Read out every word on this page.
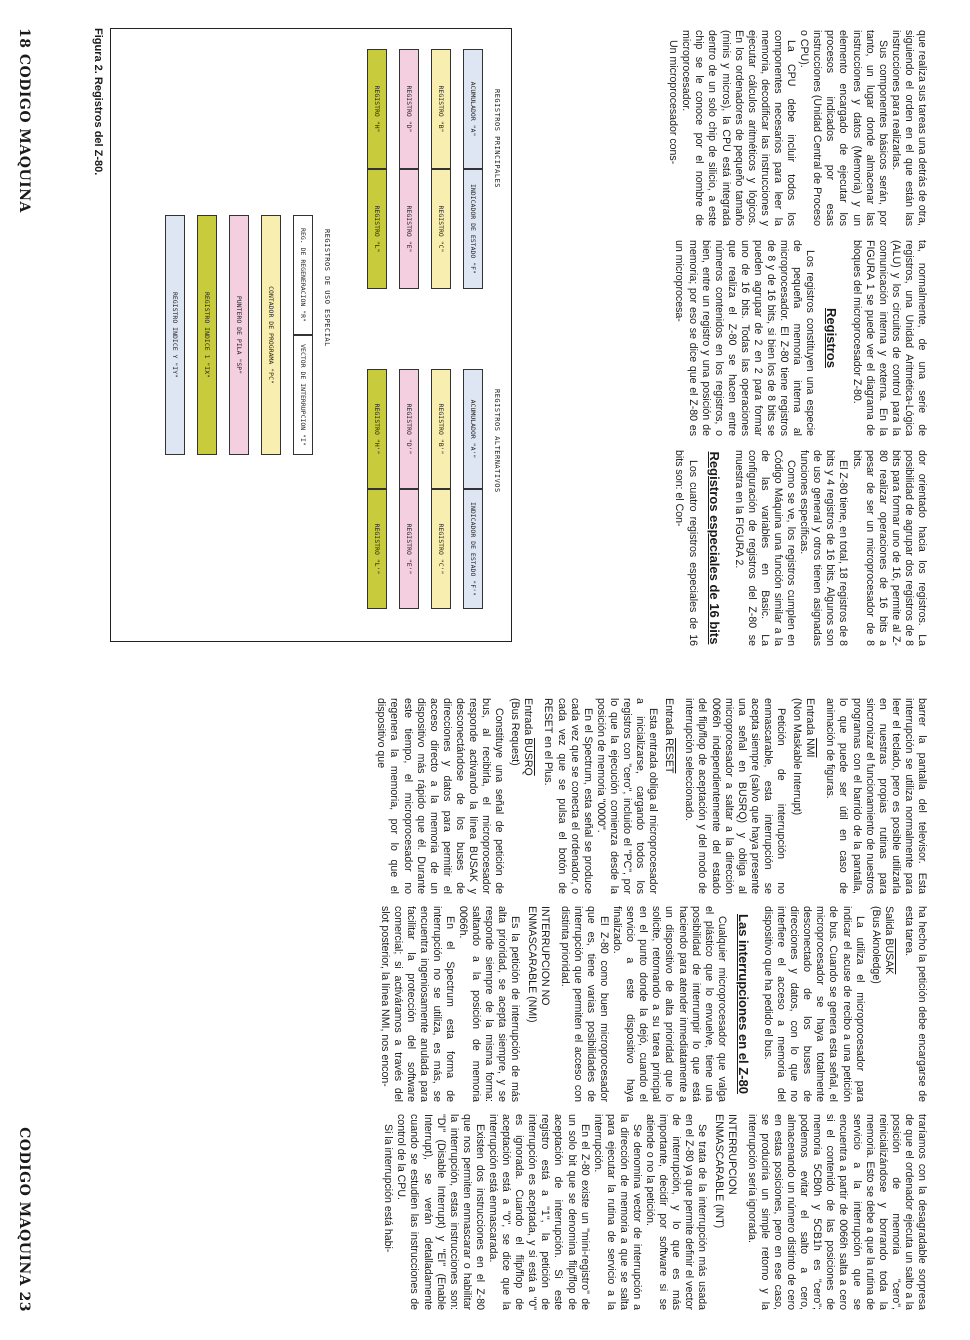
que realiza sus tareas una detrás de otra, siguiendo el orden en el que están las instrucciones para realizarlas.

Sus componentes básicos serán, por tanto, un lugar donde almacenar las instrucciones y datos (Memoria) y un elemento encargado de ejecutar los procesos indicados por esas instrucciones (Unidad Central de Proceso o CPU).

La CPU debe incluir todos los componentes necesarios para leer la memoria, decodificar las instrucciones y ejecutar cálculos aritméticos y lógicos. En los ordenadores de pequeño tamaño (minis y micros), la CPU está integrada dentro de un solo chip de silicio, a este chip se le conoce por el nombre de microprocesador.

Un microprocesador cons-

ta, normalmente, de una serie de registros, una Unidad Aritmética-Lógica (ALU) y los circuitos de control para la comunicación interna y externa. En la FIGURA 1 se puede ver el diagrama de bloques del microprocesador Z-80.

Registros

Los registros constituyen una especie de pequeña memoria interna al microprocesador. El Z-80 tiene registros de 8 y de 16 bits, si bien los de 8 bits se pueden agrupar de 2 en 2 para formar uno de 16 bits. Todas las operaciones que realiza el Z-80 se hacen entre números contenidos en los registros, o bien, entre un registro y una posición de memoria; por eso se dice que el Z-80 es un microprocesa-

dor orientado hacia los registros. La posibilidad de agrupar dos registros de 8 bits para formar uno de 16, permite al Z-80 realizar operaciones de 16 bits a pesar de ser un microprocesador de 8 bits.

El Z-80 tiene, en total, 18 registros de 8 bits y 4 registros de 16 bits. Algunos son de uso general y otros tienen asignadas funciones específicas.

Como se ve, los registros cumplen en Código Máquina una función similar a la de las variables en Basic. La configuración de registros del Z-80 se muestra en la FIGURA 2.

Registros especiales de 16 bits

Los cuatro registros especiales de 16 bits son: el Con-

REGISTROS PRINCIPALES
REGISTROS ALTERNATIVOS
ACUMULADOR "A"
INDICADOR DE ESTADO "F"
REGISTRO "B"
REGISTRO "C"
REGISTRO "D"
REGISTRO "E"
REGISTRO "H"
REGISTRO "L"
ACUMULADOR "A'"
INDICADOR DE ESTADO "F'"
REGISTRO "B'"
REGISTRO "C'"
REGISTRO "D'"
REGISTRO "E'"
REGISTRO "H'"
REGISTRO "L'"
REGISTROS DE USO ESPECIAL
REG. DE REGENERACION "R"
VECTOR DE INTERRUPCION "I"
CONTADOR DE PROGRAMA "PC"
PUNTERO DE PILA "SP"
REGISTRO INDICE 1 "IX"
REGISTRO INDICE Y "IY"
Figura 2. Registros del Z-80.
18 CODIGO MAQUINA

barrer la pantalla del televisor. Esta interrupción se utiliza normalmente para leer el teclado, pero es posible utilizarla en nuestras propias rutinas para sincronizar el funcionamiento de nuestros programas con el barrido de la pantalla, lo que puede ser útil en caso de animación de figuras.

Entrada $\overline{NMI}$
(Non Maskable Interrupt)

Petición de interrupción no enmascarable, esta interrupción se acepta siempre (salvo que haya presente una señal en BUSRQ) y obliga al microprocesador a saltar a la dirección 0066h independientemente del estado del flip/flop de aceptación y del modo de interrupción seleccionado.

Entrada RESET

Esta entrada obliga al microprocesador a inicializarse, cargando todos los registros con "cero", incluido el "PC", por lo que la ejecución comienza desde la posición de memoria "0000".

En el Spectrum, esta señal se produce cada vez que se conecta el ordenador, o cada vez que se pulsa el botón de RESET en el Plus.

Entrada BUSRQ
(Bus Request)

Constituye una señal de petición de bus, al recibirla, el microprocesador responde activando la línea BUSAK y desconectándose de los buses de direcciones y datos para permitir el acceso directo a la memoria de un dispositivo más rápido que él. Durante este tiempo, el microprocesador no regenera la memoria, por lo que el dispositivo que

ha hecho la petición debe encargarse de esta tarea.

Salida BUSAK
(Bus Aknoledge)

La utiliza el microprocesador para indicar el acuse de recibo a una petición de bus. Cuando se genera esta señal, el microprocesador se haya totalmente desconectado de los buses de direcciones y datos, con lo que no interfiere el acceso a memoria del dispositivo que ha pedido el bus.

Las interrupciones en el Z-80

Cualquier microprocesador que valga el plástico que lo envuelve, tiene una posibilidad de interrumpir lo que está haciendo para atender inmediatamente a un dispositivo de alta prioridad que lo solicite, retornando a su tarea principal en el punto donde la dejó, cuando el servicio a este dispositivo haya finalizado.

El Z-80 como buen microprocesador que es, tiene varias posibilidades de interrupción que permiten el acceso con distinta prioridad.

INTERRUPCION NO
ENMASCARABLE (NMI)

Es la petición de interrupción de más alta prioridad, se acepta siempre, y se responde siempre de la misma forma: saltando a la posición de memoria 0066h.

En el Spectrum esta forma de interrupción no se utiliza, es más, se encuentra ingeniosamente anulada para facilitar la protección del software comercial; si activáramos a través del slot posterior, la línea NMI, nos encon-

traríamos con la desagradable sorpresa de que el ordenador ejecuta un salto a la posición de memoria "cero", reinicializándose y borrando toda la memoria. Esto se debe a que la rutina de servicio a la interrupción que se encuentra a partir de 0066h salta a cero si el contenido de las posiciones de memoria 5CB0h y 5CB1h es "cero"; podemos evitar el salto a cero, almacenando un número distinto de cero en estas posiciones, pero en ese caso, se produciría un simple retorno y la interrupción sería ignorada.

INTERRUPCION
ENMASCARABLE (INT)

Se trata de la interrupción más usada en el Z-80 ya que permite definir el vector de interrupción, y lo que es más importante, decidir por software si se atiende o no la petición.

Se denomina vector de interrupción a la dirección de memoria a que se salta para ejecutar la rutina de servicio a la interrupción.

En el Z-80 existe un "mini-registro" de un solo bit que se denomina flip/flop de aceptación de interrupción. Si este registro está a "1", la petición de interrupción es aceptada, y si está a "0" es ignorada. Cuando el flip/flop de aceptación está a "0", se dice que la interrupción está enmascarada.

Existen dos instrucciones en el Z-80 que nos permiten enmascarar o habilitar la interrupción, estas instrucciones son: "DI" (Disable Interrupt) y "EI" (Enable Interrupt), se verán detalladamente cuando se estudien las instrucciones de control de la CPU.

Si la interrupción está habi-

CODIGO MAQUINA 23
